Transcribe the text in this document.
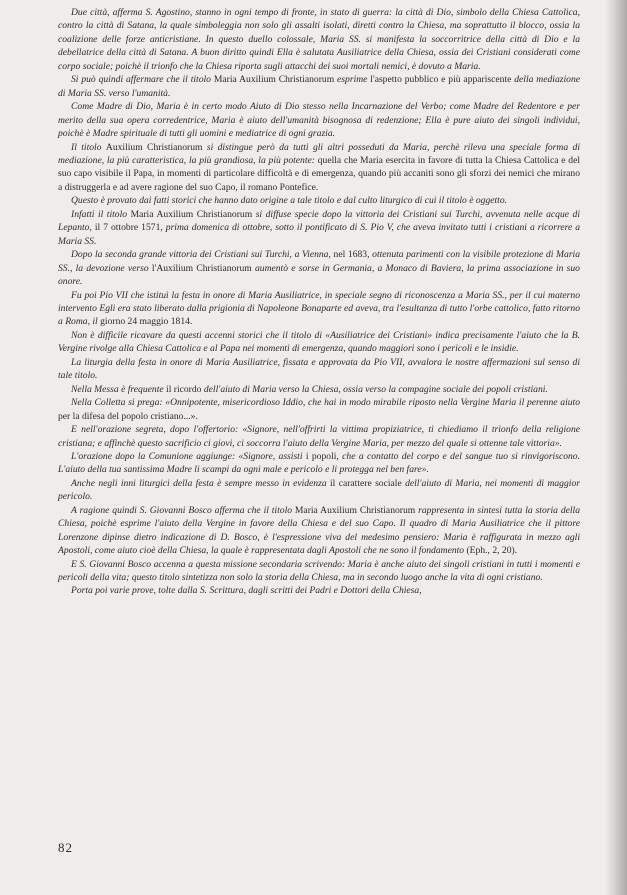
Due città, afferma S. Agostino, stanno in ogni tempo di fronte, in stato di guerra: la città di Dio, simbolo della Chiesa Cattolica, contro la città di Satana, la quale simboleggia non solo gli assalti isolati, diretti contro la Chiesa, ma soprattutto il blocco, ossia la coalizione delle forze anticristiane. In questo duello colossale, Maria SS. si manifesta la soccorritrice della città di Dio e la debellatrice della città di Satana. A buon diritto quindi Ella è salutata Ausiliatrice della Chiesa, ossia dei Cristiani considerati come corpo sociale; poichè il trionfo che la Chiesa riporta sugli attacchi dei suoi mortali nemici, è dovuto a Maria.

Si può quindi affermare che il titolo Maria Auxilium Christianorum esprime l'aspetto pubblico e più appariscente della mediazione di Maria SS. verso l'umanità.

Come Madre di Dio, Maria è in certo modo Aiuto di Dio stesso nella Incarnazione del Verbo; come Madre del Redentore e per merito della sua opera corredentrice, Maria è aiuto dell'umanità bisognosa di redenzione; Ella è pure aiuto dei singoli individui, poichè è Madre spirituale di tutti gli uomini e mediatrice di ogni grazia.

Il titolo Auxilium Christianorum si distingue però da tutti gli altri posseduti da Maria, perchè rileva una speciale forma di mediazione, la più caratteristica, la più grandiosa, la più potente: quella che Maria esercita in favore di tutta la Chiesa Cattolica e del suo capo visibile il Papa, in momenti di particolare difficoltà e di emergenza, quando più accaniti sono gli sforzi dei nemici che mirano a distruggerla e ad avere ragione del suo Capo, il romano Pontefice.

Questo è provato dai fatti storici che hanno dato origine a tale titolo e dal culto liturgico di cui il titolo è oggetto.

Infatti il titolo Maria Auxilium Christianorum si diffuse specie dopo la vittoria dei Cristiani sui Turchi, avvenuta nelle acque di Lepanto, il 7 ottobre 1571, prima domenica di ottobre, sotto il pontificato di S. Pio V, che aveva invitato tutti i cristiani a ricorrere a Maria SS.

Dopo la seconda grande vittoria dei Cristiani sui Turchi, a Vienna, nel 1683, ottenuta parimenti con la visibile protezione di Maria SS., la devozione verso l'Auxilium Christianorum aumentò e sorse in Germania, a Monaco di Baviera, la prima associazione in suo onore.

Fu poi Pio VII che istituì la festa in onore di Maria Ausiliatrice, in speciale segno di riconoscenza a Maria SS., per il cui materno intervento Egli era stato liberato dalla prigionia di Napoleone Bonaparte ed aveva, tra l'esultanza di tutto l'orbe cattolico, fatto ritorno a Roma, il giorno 24 maggio 1814.

Non è difficile ricavare da questi accenni storici che il titolo di «Ausiliatrice dei Cristiani» indica precisamente l'aiuto che la B. Vergine rivolge alla Chiesa Cattolica e al Papa nei momenti di emergenza, quando maggiori sono i pericoli e le insidie.

La liturgia della festa in onore di Maria Ausiliatrice, fissata e approvata da Pio VII, avvalora le nostre affermazioni sul senso di tale titolo.

Nella Messa è frequente il ricordo dell'aiuto di Maria verso la Chiesa, ossia verso la compagine sociale dei popoli cristiani.

Nella Colletta si prega: «Onnipotente, misericordioso Iddio, che hai in modo mirabile riposto nella Vergine Maria il perenne aiuto per la difesa del popolo cristiano...».

E nell'orazione segreta, dopo l'offertorio: «Signore, nell'offrirti la vittima propiziatrice, ti chiediamo il trionfo della religione cristiana; e affinchè questo sacrificio ci giovi, ci soccorra l'aiuto della Vergine Maria, per mezzo del quale si ottenne tale vittoria».

L'orazione dopo la Comunione aggiunge: «Signore, assisti i popoli, che a contatto del corpo e del sangue tuo si rinvigoriscono. L'aiuto della tua santissima Madre li scampi da ogni male e pericolo e li protegga nel ben fare».

Anche negli inni liturgici della festa è sempre messo in evidenza il carattere sociale dell'aiuto di Maria, nei momenti di maggior pericolo.

A ragione quindi S. Giovanni Bosco afferma che il titolo Maria Auxilium Christianorum rappresenta in sintesi tutta la storia della Chiesa, poichè esprime l'aiuto della Vergine in favore della Chiesa e del suo Capo. Il quadro di Maria Ausiliatrice che il pittore Lorenzone dipinse dietro indicazione di D. Bosco, è l'espressione viva del medesimo pensiero: Maria è raffigurata in mezzo agli Apostoli, come aiuto cioè della Chiesa, la quale è rappresentata dagli Apostoli che ne sono il fondamento (Eph., 2, 20).

E S. Giovanni Bosco accenna a questa missione secondaria scrivendo: Maria è anche aiuto dei singoli cristiani in tutti i momenti e pericoli della vita; questo titolo sintetizza non solo la storia della Chiesa, ma in secondo luogo anche la vita di ogni cristiano.

Porta poi varie prove, tolte dalla S. Scrittura, dagli scritti dei Padri e Dottori della Chiesa,

82
